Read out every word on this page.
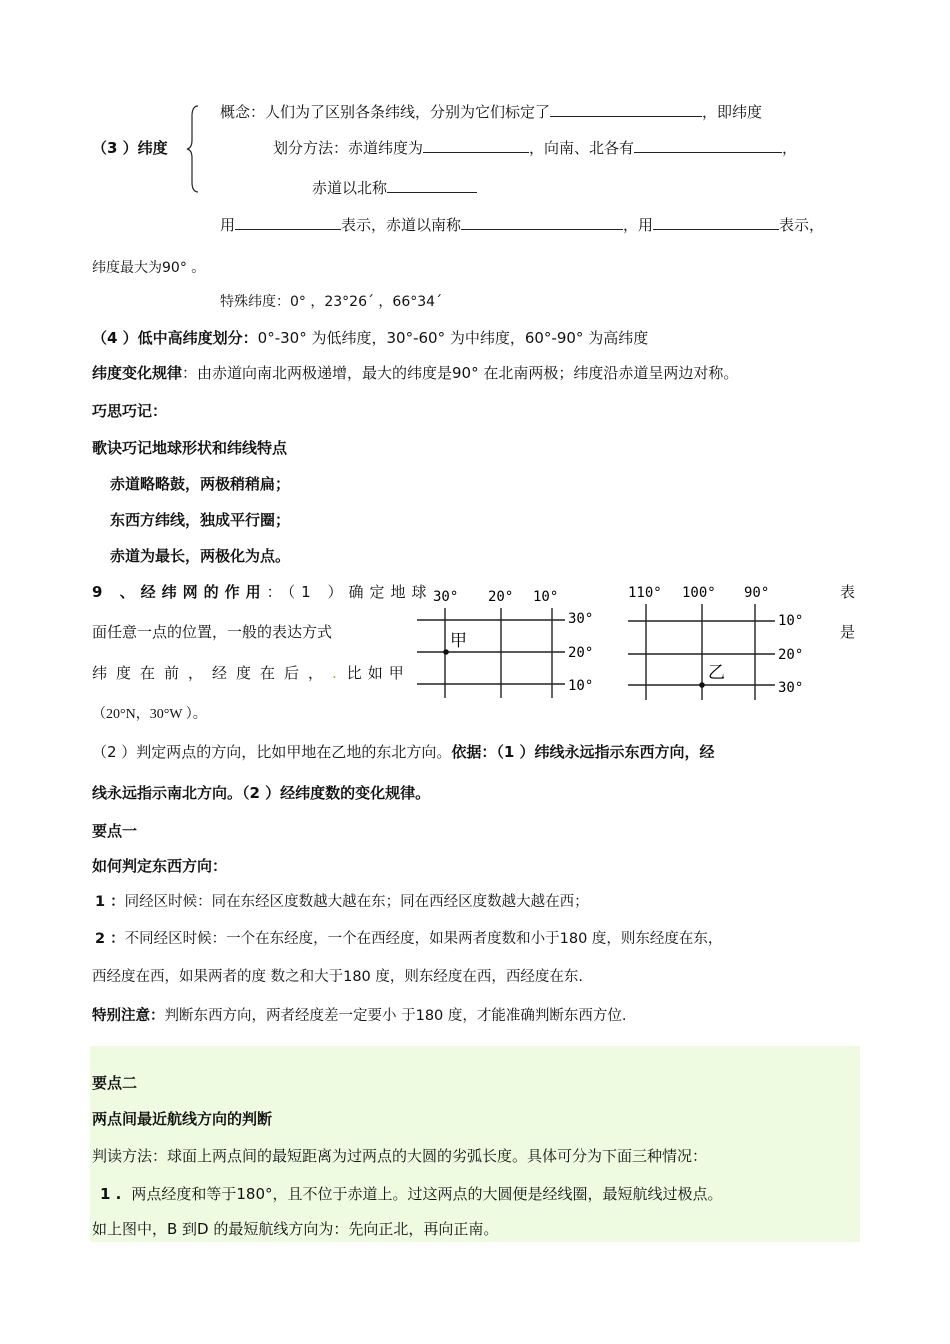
（3 ）纬度
概念：人们为了区别各条纬线，分别为它们标定了	，即纬度
划分方法：赤道纬度为	，向南、北各有	，
赤道以北称
用	表示，赤道以南称	，用	表示，
纬度最大为90° 。
特殊纬度：0° ，23°26´ ，66°34´
（4 ）低中高纬度划分：0°-30° 为低纬度，30°-60° 为中纬度，60°-90° 为高纬度
纬度变化规律：由赤道向南北两极递增，最大的纬度是90° 在北南两极；纬度沿赤道呈两边对称。
巧思巧记：
歌诀巧记地球形状和纬线特点
赤道略略鼓，两极稍稍扁；
东西方纬线，独成平行圈；
赤道为最长，两极化为点。
9 、经纬网的作用：（1 ）确定地球	表
面任意一点的位置，一般的表达方式	是
纬度在前，经度在后，. 比如甲
（20°N，30°W ）。
30° 20° 10°
30°
20°
10°
甲
110° 100° 90°
10°
20°
30°
乙
（2 ）判定两点的方向，比如甲地在乙地的东北方向。依据：（1 ）纬线永远指示东西方向，经
线永远指示南北方向。（2 ）经纬度数的变化规律。
要点一
如何判定东西方向：
1 ：同经区时候：同在东经区度数越大越在东；同在西经区度数越大越在西；
2 ：不同经区时候：一个在东经度，一个在西经度，如果两者度数和小于180 度，则东经度在东，
西经度在西，如果两者的度 数之和大于180 度，则东经度在西，西经度在东.
特别注意：判断东西方向，两者经度差一定要小 于180 度，才能准确判断东西方位.
要点二
两点间最近航线方向的判断
判读方法：球面上两点间的最短距离为过两点的大圆的劣弧长度。具体可分为下面三种情况：
1 . 两点经度和等于180°，且不位于赤道上。过这两点的大圆便是经线圈，最短航线过极点。
如上图中，B 到D 的最短航线方向为：先向正北，再向正南。
